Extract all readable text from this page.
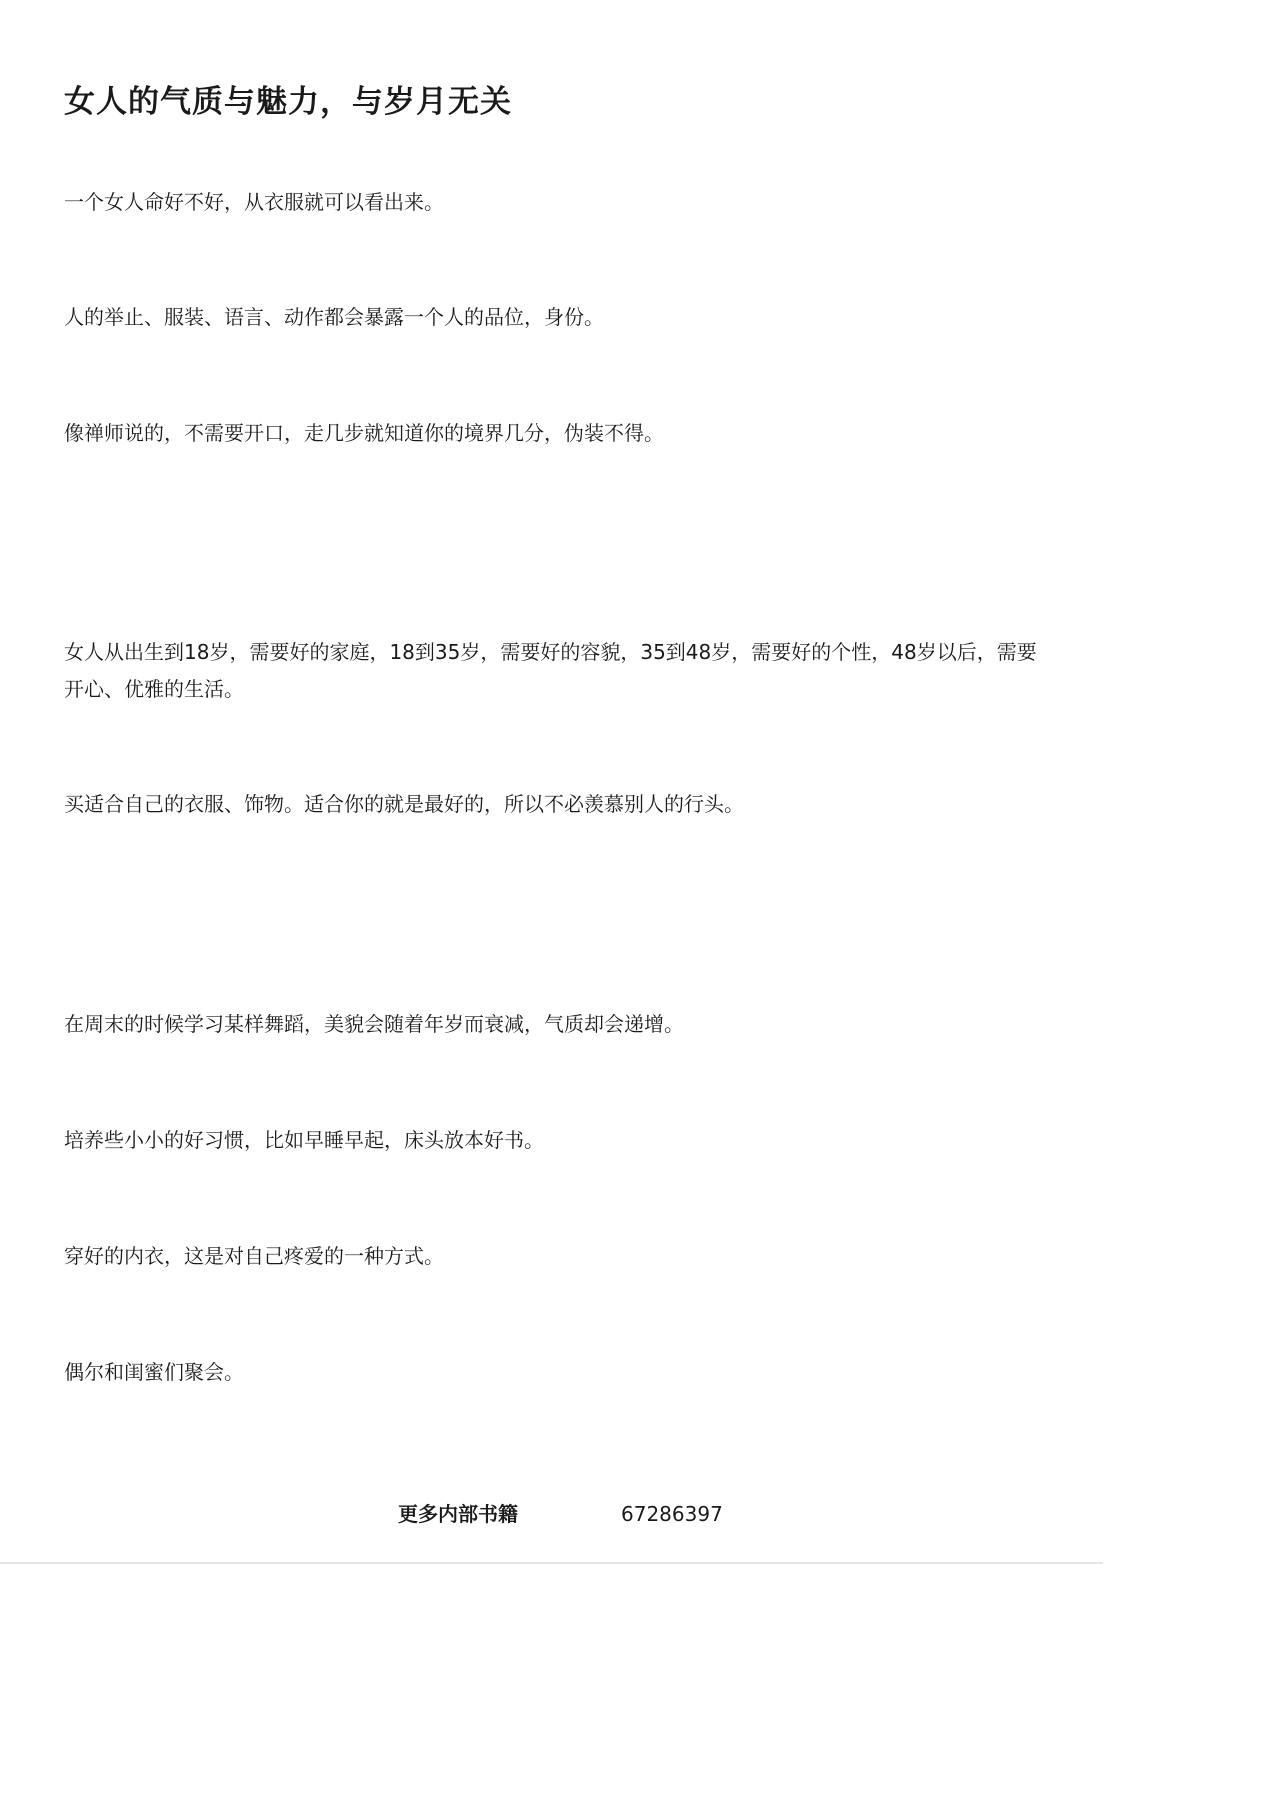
女人的气质与魅力，与岁月无关

一个女人命好不好，从衣服就可以看出来。

人的举止、服装、语言、动作都会暴露一个人的品位，身份。

像禅师说的，不需要开口，走几步就知道你的境界几分，伪装不得。

女人从出生到18岁，需要好的家庭，18到35岁，需要好的容貌，35到48岁，需要好的个性，48岁以后，需要开心、优雅的生活。

买适合自己的衣服、饰物。适合你的就是最好的，所以不必羡慕别人的行头。

在周末的时候学习某样舞蹈，美貌会随着年岁而衰减，气质却会递增。

培养些小小的好习惯，比如早睡早起，床头放本好书。

穿好的内衣，这是对自己疼爱的一种方式。

偶尔和闺蜜们聚会。

更多内部书籍	67286397
